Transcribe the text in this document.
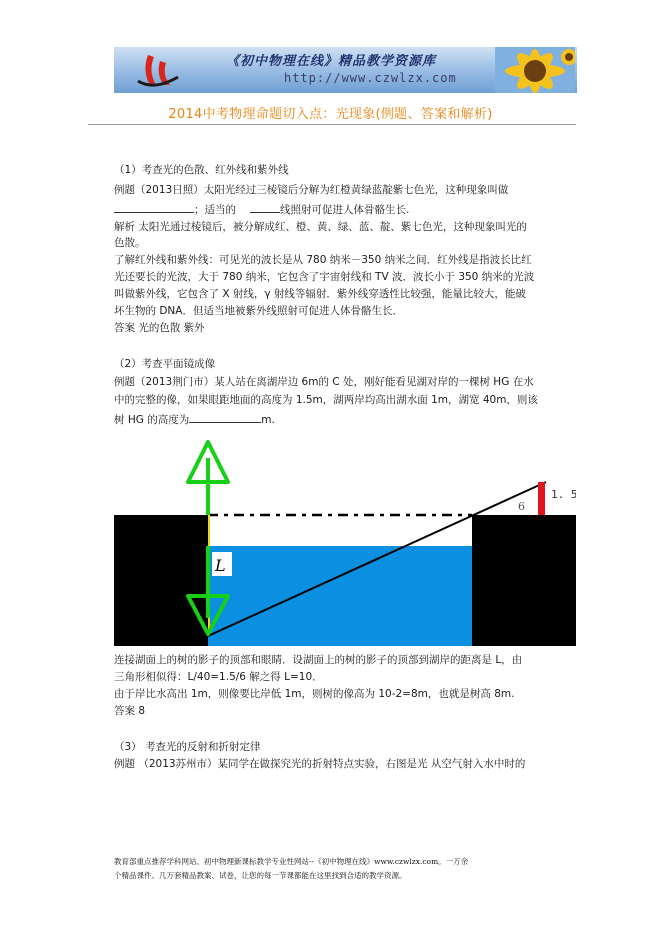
《初中物理在线》精品教学资源库
http://www.czwlzx.com
2014中考物理命题切入点：光现象(例题、答案和解析)
（1）考查光的色散、红外线和紫外线
例题（2013日照）太阳光经过三棱镜后分解为红橙黄绿蓝靛紫七色光，这种现象叫做
；适当的	线照射可促进人体骨骼生长.
解析 太阳光通过棱镜后，被分解成红、橙、黄、绿、蓝、靛、紫七色光，这种现象叫光的
色散。
了解红外线和紫外线：可见光的波长是从 780 纳米－350 纳米之间．红外线是指波长比红
光还要长的光波，大于 780 纳米，它包含了宇宙射线和 TV 波．波长小于 350 纳米的光波
叫做紫外线，它包含了 X 射线，γ 射线等辐射．紫外线穿透性比较强，能量比较大，能破
坏生物的 DNA．但适当地被紫外线照射可促进人体骨骼生长．
答案 光的色散 紫外
（2）考查平面镜成像
例题（2013荆门市）某人站在离湖岸边 6m的 C 处，刚好能看见湖对岸的一棵树 HG 在水
中的完整的像，如果眼距地面的高度为 1.5m，湖两岸均高出湖水面 1m，湖宽 40m，则该
树 HG 的高度为	m.
L
6
1. 5
连接湖面上的树的影子的顶部和眼睛．设湖面上的树的影子的顶部到湖岸的距离是 L，由
三角形相似得：L/40=1.5/6 解之得 L=10．
由于岸比水高出 1m，则像要比岸低 1m，则树的像高为 10-2=8m，也就是树高 8m.
答案 8
（3） 考查光的反射和折射定律
例题 （2013苏州市）某同学在做探究光的折射特点实验，右图是光 从空气射入水中时的
教育部重点推荐学科网站、初中物理新课标教学专业性网站--《初中物理在线》www.czwlzx.com。一万余
个精品课件、几万套精品教案、试卷，让您的每一节课都能在这里找到合适的教学资源。
